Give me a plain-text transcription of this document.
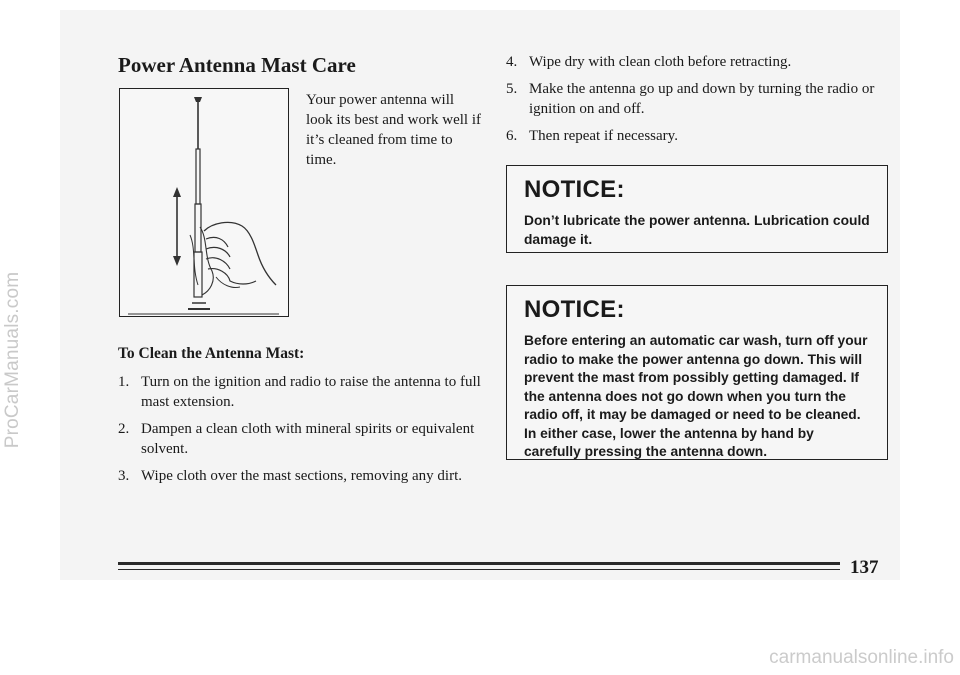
ProCarManuals.com
Power Antenna Mast Care
Your power antenna will look its best and work well if it’s cleaned from time to time.
To Clean the Antenna Mast:
1. Turn on the ignition and radio to raise the antenna to full mast extension.
2. Dampen a clean cloth with mineral spirits or equivalent solvent.
3. Wipe cloth over the mast sections, removing any dirt.
4. Wipe dry with clean cloth before retracting.
5. Make the antenna go up and down by turning the radio or ignition on and off.
6. Then repeat if necessary.
NOTICE:

Don’t lubricate the power antenna. Lubrication could damage it.

NOTICE:

Before entering an automatic car wash, turn off your radio to make the power antenna go down. This will prevent the mast from possibly getting damaged. If the antenna does not go down when you turn the radio off, it may be damaged or need to be cleaned. In either case, lower the antenna by hand by carefully pressing the antenna down.

137
carmanualsonline.info
